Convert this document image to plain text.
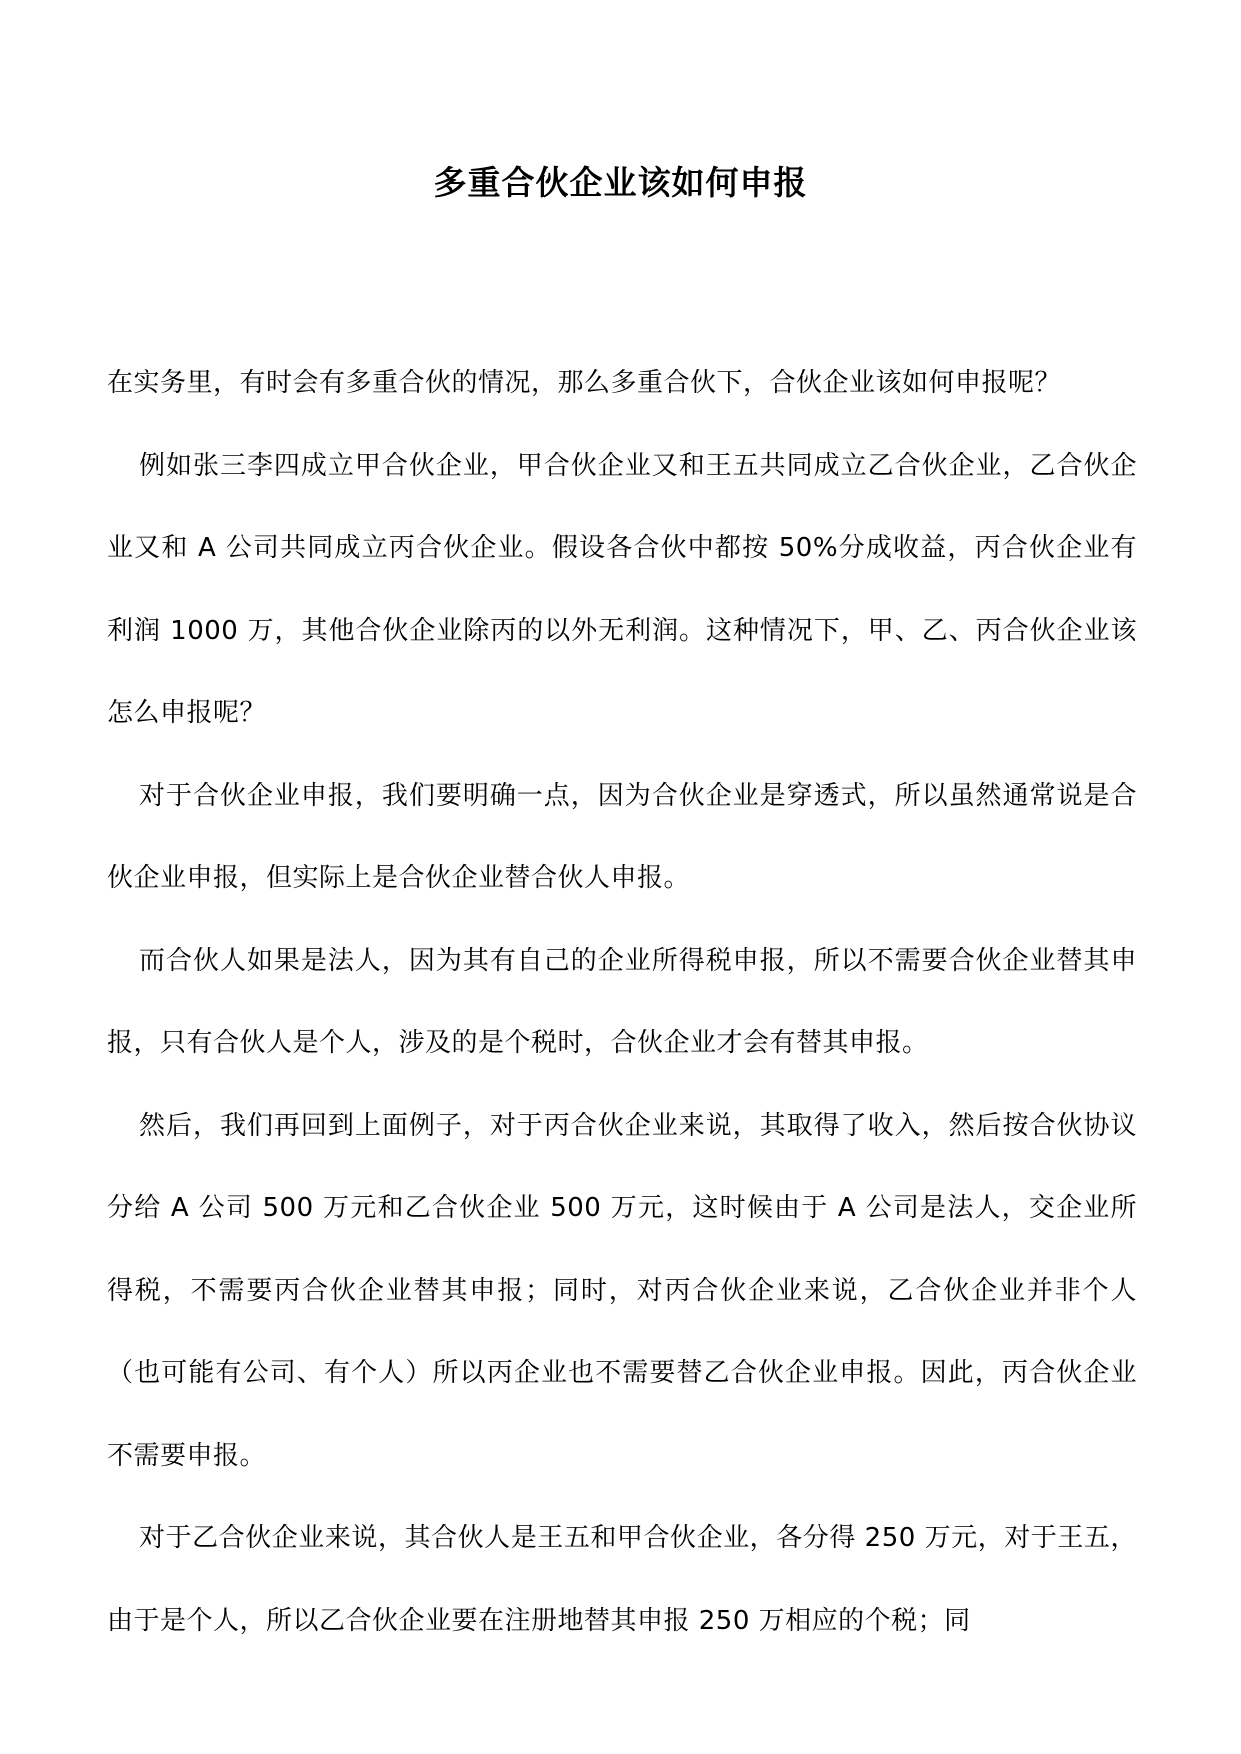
多重合伙企业该如何申报

在实务里，有时会有多重合伙的情况，那么多重合伙下，合伙企业该如何申报呢？

例如张三李四成立甲合伙企业，甲合伙企业又和王五共同成立乙合伙企业，乙合伙企业又和 A 公司共同成立丙合伙企业。假设各合伙中都按 50%分成收益，丙合伙企业有利润 1000 万，其他合伙企业除丙的以外无利润。这种情况下，甲、乙、丙合伙企业该怎么申报呢？

对于合伙企业申报，我们要明确一点，因为合伙企业是穿透式，所以虽然通常说是合伙企业申报，但实际上是合伙企业替合伙人申报。

而合伙人如果是法人，因为其有自己的企业所得税申报，所以不需要合伙企业替其申报，只有合伙人是个人，涉及的是个税时，合伙企业才会有替其申报。

然后，我们再回到上面例子，对于丙合伙企业来说，其取得了收入，然后按合伙协议分给 A 公司 500 万元和乙合伙企业 500 万元，这时候由于 A 公司是法人，交企业所得税，不需要丙合伙企业替其申报；同时，对丙合伙企业来说，乙合伙企业并非个人（也可能有公司、有个人）所以丙企业也不需要替乙合伙企业申报。因此，丙合伙企业不需要申报。

对于乙合伙企业来说，其合伙人是王五和甲合伙企业，各分得 250 万元，对于王五，由于是个人，所以乙合伙企业要在注册地替其申报 250 万相应的个税；同
